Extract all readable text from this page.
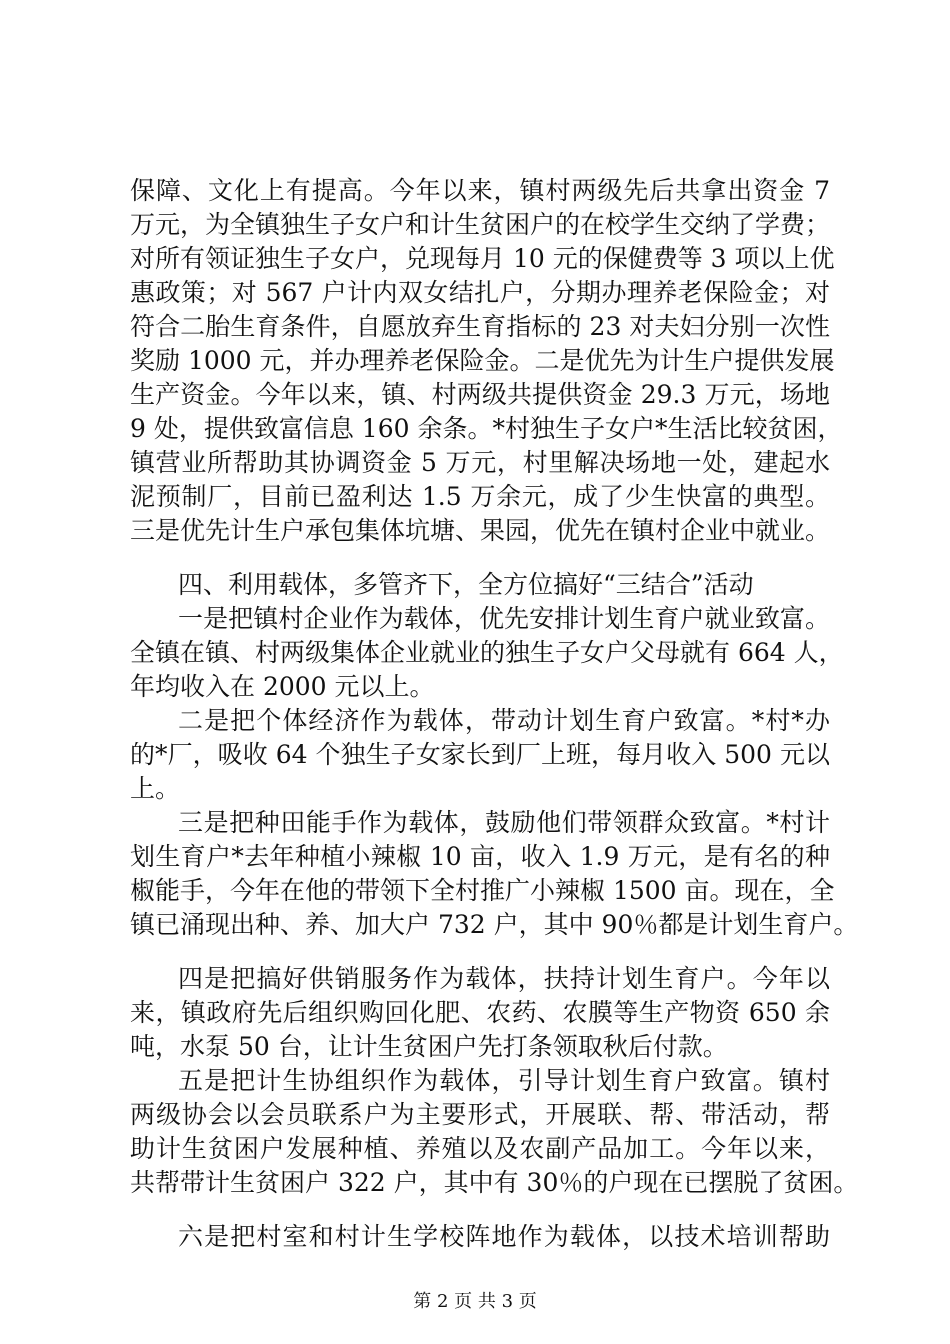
保障、文化上有提高。今年以来，镇村两级先后共拿出资金 7
万元，为全镇独生子女户和计生贫困户的在校学生交纳了学费；
对所有领证独生子女户，兑现每月 10 元的保健费等 3 项以上优
惠政策；对 567 户计内双女结扎户，分期办理养老保险金；对
符合二胎生育条件，自愿放弃生育指标的 23 对夫妇分别一次性
奖励 1000 元，并办理养老保险金。二是优先为计生户提供发展
生产资金。今年以来，镇、村两级共提供资金 29.3 万元，场地
9 处，提供致富信息 160 余条。*村独生子女户*生活比较贫困，
镇营业所帮助其协调资金 5 万元，村里解决场地一处，建起水
泥预制厂，目前已盈利达 1.5 万余元，成了少生快富的典型。
三是优先计生户承包集体坑塘、果园，优先在镇村企业中就业。
四、利用载体，多管齐下，全方位搞好“三结合”活动
一是把镇村企业作为载体，优先安排计划生育户就业致富。
全镇在镇、村两级集体企业就业的独生子女户父母就有 664 人，
年均收入在 2000 元以上。
二是把个体经济作为载体，带动计划生育户致富。*村*办
的*厂，吸收 64 个独生子女家长到厂上班，每月收入 500 元以
上。
三是把种田能手作为载体，鼓励他们带领群众致富。*村计
划生育户*去年种植小辣椒 10 亩，收入 1.9 万元，是有名的种
椒能手，今年在他的带领下全村推广小辣椒 1500 亩。现在，全
镇已涌现出种、养、加大户 732 户，其中 90％都是计划生育户。
四是把搞好供销服务作为载体，扶持计划生育户。今年以
来，镇政府先后组织购回化肥、农药、农膜等生产物资 650 余
吨，水泵 50 台，让计生贫困户先打条领取秋后付款。
五是把计生协组织作为载体，引导计划生育户致富。镇村
两级协会以会员联系户为主要形式，开展联、帮、带活动，帮
助计生贫困户发展种植、养殖以及农副产品加工。今年以来，
共帮带计生贫困户 322 户，其中有 30％的户现在已摆脱了贫困。
六是把村室和村计生学校阵地作为载体，以技术培训帮助
第 2 页 共 3 页
